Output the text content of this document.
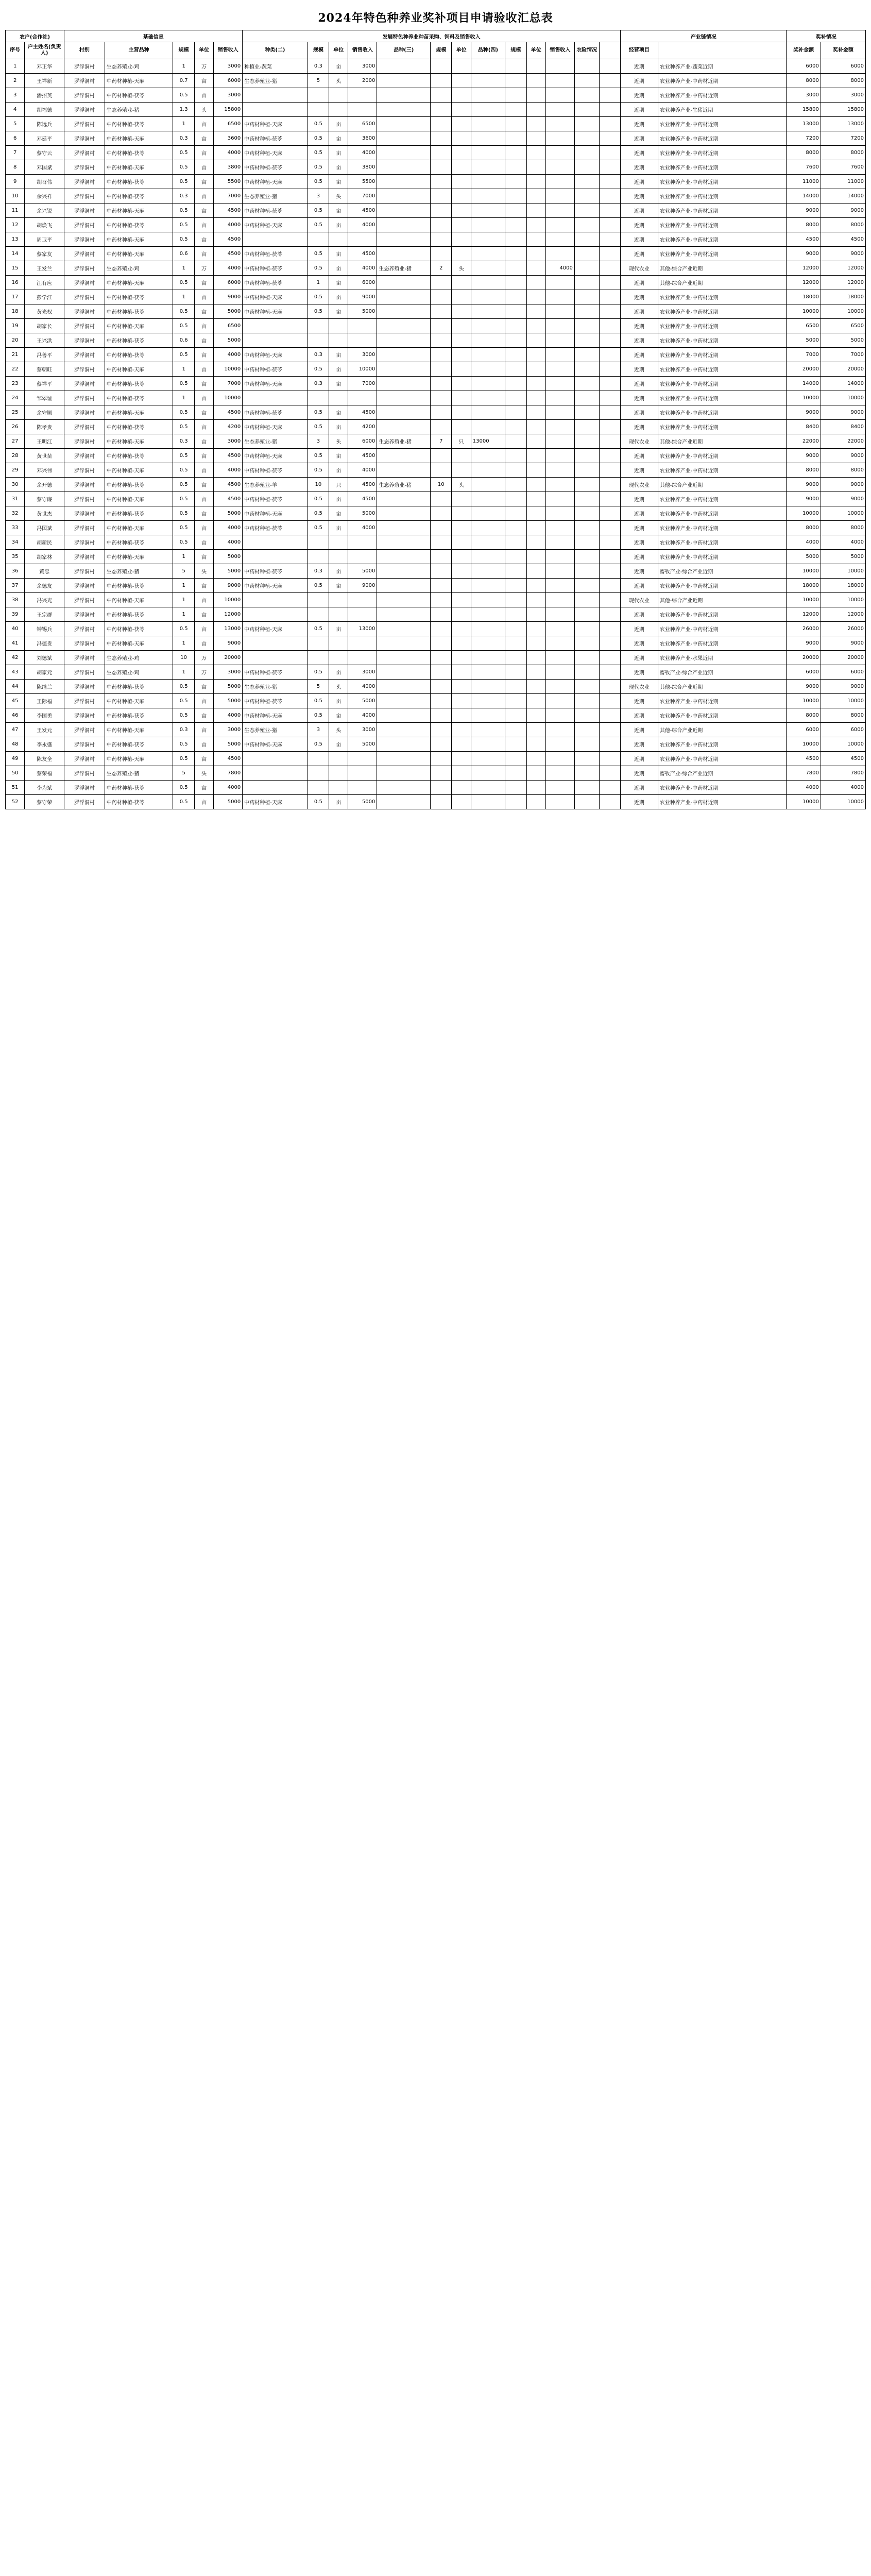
2024年特色种养业奖补项目申请验收汇总表
农户(合作社)		基础信息					发展特色种养业种苗采购、饲料及销售收入													产业链情况		奖补情况	
序号	户主姓名(负责人)	村别	主营品种	规模	单位	销售收入	种类(二)	规模	单位	销售收入	品种(三)	规模	单位	品种(四)	规模	单位	销售收入	农险情况		经营项目		奖补金额	奖补金额
1	邓正华	罗浮洞村	生态养殖业-鸡	1	万	3000	种植业-蔬菜	0.3	亩	3000										近期	农业种养产业-蔬菜近期	6000	6000
2	王祥新	罗浮洞村	中药材种植-天麻	0.7	亩	6000	生态养殖业-猪	5	头	2000										近期	农业种养产业-中药材近期	8000	8000
3	潘招英	罗浮洞村	中药材种植-茯苓	0.5	亩	3000														近期	农业种养产业-中药材近期	3000	3000
4	胡福德	罗浮洞村	生态养殖业-猪	1.3	头	15800														近期	农业种养产业-生猪近期	15800	15800
5	陈远兵	罗浮洞村	中药材种植-茯苓	1	亩	6500	中药材种植-天麻	0.5	亩	6500										近期	农业种养产业-中药材近期	13000	13000
6	邓延平	罗浮洞村	中药材种植-天麻	0.3	亩	3600	中药材种植-茯苓	0.5	亩	3600										近期	农业种养产业-中药材近期	7200	7200
7	蔡守云	罗浮洞村	中药材种植-茯苓	0.5	亩	4000	中药材种植-天麻	0.5	亩	4000										近期	农业种养产业-中药材近期	8000	8000
8	邓国斌	罗浮洞村	中药材种植-天麻	0.5	亩	3800	中药材种植-茯苓	0.5	亩	3800										近期	农业种养产业-中药材近期	7600	7600
9	胡召伟	罗浮洞村	中药材种植-茯苓	0.5	亩	5500	中药材种植-天麻	0.5	亩	5500										近期	农业种养产业-中药材近期	11000	11000
10	余兴祥	罗浮洞村	中药材种植-茯苓	0.3	亩	7000	生态养殖业-猪	3	头	7000										近期	农业种养产业-中药材近期	14000	14000
11	余兴锐	罗浮洞村	中药材种植-天麻	0.5	亩	4500	中药材种植-茯苓	0.5	亩	4500										近期	农业种养产业-中药材近期	9000	9000
12	胡焕飞	罗浮洞村	中药材种植-茯苓	0.5	亩	4000	中药材种植-天麻	0.5	亩	4000										近期	农业种养产业-中药材近期	8000	8000
13	周卫平	罗浮洞村	中药材种植-天麻	0.5	亩	4500														近期	农业种养产业-中药材近期	4500	4500
14	蔡家友	罗浮洞村	中药材种植-天麻	0.6	亩	4500	中药材种植-茯苓	0.5	亩	4500										近期	农业种养产业-中药材近期	9000	9000
15	王发兰	罗浮洞村	生态养殖业-鸡	1	万	4000	中药材种植-茯苓	0.5	亩	4000	生态养殖业-猪	2	头				4000			现代农业	其他-综合产业近期	12000	12000
16	汪有应	罗浮洞村	中药材种植-天麻	0.5	亩	6000	中药材种植-茯苓	1	亩	6000										近期	其他-综合产业近期	12000	12000
17	彭学江	罗浮洞村	中药材种植-茯苓	1	亩	9000	中药材种植-天麻	0.5	亩	9000										近期	农业种养产业-中药材近期	18000	18000
18	黄光权	罗浮洞村	中药材种植-茯苓	0.5	亩	5000	中药材种植-天麻	0.5	亩	5000										近期	农业种养产业-中药材近期	10000	10000
19	胡家长	罗浮洞村	中药材种植-天麻	0.5	亩	6500														近期	农业种养产业-中药材近期	6500	6500
20	王兴洪	罗浮洞村	中药材种植-茯苓	0.6	亩	5000														近期	农业种养产业-中药材近期	5000	5000
21	冯善平	罗浮洞村	中药材种植-茯苓	0.5	亩	4000	中药材种植-天麻	0.3	亩	3000										近期	农业种养产业-中药材近期	7000	7000
22	蔡朝旺	罗浮洞村	中药材种植-天麻	1	亩	10000	中药材种植-茯苓	0.5	亩	10000										近期	农业种养产业-中药材近期	20000	20000
23	蔡祥平	罗浮洞村	中药材种植-茯苓	0.5	亩	7000	中药材种植-天麻	0.3	亩	7000										近期	农业种养产业-中药材近期	14000	14000
24	邹翠谊	罗浮洞村	中药材种植-茯苓	1	亩	10000														近期	农业种养产业-中药材近期	10000	10000
25	余守顺	罗浮洞村	中药材种植-天麻	0.5	亩	4500	中药材种植-茯苓	0.5	亩	4500										近期	农业种养产业-中药材近期	9000	9000
26	陈孝贵	罗浮洞村	中药材种植-茯苓	0.5	亩	4200	中药材种植-天麻	0.5	亩	4200										近期	农业种养产业-中药材近期	8400	8400
27	王明江	罗浮洞村	中药材种植-天麻	0.3	亩	3000	生态养殖业-猪	3	头	6000	生态养殖业-猪	7	只	13000						现代农业	其他-综合产业近期	22000	22000
28	黄世苗	罗浮洞村	中药材种植-茯苓	0.5	亩	4500	中药材种植-天麻	0.5	亩	4500										近期	农业种养产业-中药材近期	9000	9000
29	邓兴伟	罗浮洞村	中药材种植-天麻	0.5	亩	4000	中药材种植-茯苓	0.5	亩	4000										近期	农业种养产业-中药材近期	8000	8000
30	余开德	罗浮洞村	中药材种植-茯苓	0.5	亩	4500	生态养殖业-羊	10	只	4500	生态养殖业-猪	10	头							现代农业	其他-综合产业近期	9000	9000
31	蔡守廉	罗浮洞村	中药材种植-天麻	0.5	亩	4500	中药材种植-茯苓	0.5	亩	4500										近期	农业种养产业-中药材近期	9000	9000
32	黄世杰	罗浮洞村	中药材种植-茯苓	0.5	亩	5000	中药材种植-天麻	0.5	亩	5000										近期	农业种养产业-中药材近期	10000	10000
33	冯国斌	罗浮洞村	中药材种植-天麻	0.5	亩	4000	中药材种植-茯苓	0.5	亩	4000										近期	农业种养产业-中药材近期	8000	8000
34	胡新民	罗浮洞村	中药材种植-茯苓	0.5	亩	4000														近期	农业种养产业-中药材近期	4000	4000
35	胡家林	罗浮洞村	中药材种植-天麻	1	亩	5000														近期	农业种养产业-中药材近期	5000	5000
36	黄忠	罗浮洞村	生态养殖业-猪	5	头	5000	中药材种植-茯苓	0.3	亩	5000										近期	畜牧产业-综合产业近期	10000	10000
37	余德友	罗浮洞村	中药材种植-茯苓	1	亩	9000	中药材种植-天麻	0.5	亩	9000										近期	农业种养产业-中药材近期	18000	18000
38	冯兴光	罗浮洞村	中药材种植-天麻	1	亩	10000														现代农业	其他-综合产业近期	10000	10000
39	王宗群	罗浮洞村	中药材种植-茯苓	1	亩	12000														近期	农业种养产业-中药材近期	12000	12000
40	钟锡兵	罗浮洞村	中药材种植-茯苓	0.5	亩	13000	中药材种植-天麻	0.5	亩	13000										近期	农业种养产业-中药材近期	26000	26000
41	冯德贵	罗浮洞村	中药材种植-天麻	1	亩	9000														近期	农业种养产业-中药材近期	9000	9000
42	刘德斌	罗浮洞村	生态养殖业-鸡	10	万	20000														近期	农业种养产业-水果近期	20000	20000
43	胡家元	罗浮洞村	生态养殖业-鸡	1	万	3000	中药材种植-茯苓	0.5	亩	3000										近期	畜牧产业-综合产业近期	6000	6000
44	陈继兰	罗浮洞村	中药材种植-茯苓	0.5	亩	5000	生态养殖业-猪	5	头	4000										现代农业	其他-综合产业近期	9000	9000
45	王际福	罗浮洞村	中药材种植-天麻	0.5	亩	5000	中药材种植-茯苓	0.5	亩	5000										近期	农业种养产业-中药材近期	10000	10000
46	李国勇	罗浮洞村	中药材种植-茯苓	0.5	亩	4000	中药材种植-天麻	0.5	亩	4000										近期	农业种养产业-中药材近期	8000	8000
47	王发元	罗浮洞村	中药材种植-天麻	0.3	亩	3000	生态养殖业-猪	3	头	3000										近期	其他-综合产业近期	6000	6000
48	李永盛	罗浮洞村	中药材种植-茯苓	0.5	亩	5000	中药材种植-天麻	0.5	亩	5000										近期	农业种养产业-中药材近期	10000	10000
49	陈友全	罗浮洞村	中药材种植-天麻	0.5	亩	4500														近期	农业种养产业-中药材近期	4500	4500
50	蔡荣福	罗浮洞村	生态养殖业-猪	5	头	7800														近期	畜牧产业-综合产业近期	7800	7800
51	李为斌	罗浮洞村	中药材种植-茯苓	0.5	亩	4000														近期	农业种养产业-中药材近期	4000	4000
52	蔡守荣	罗浮洞村	中药材种植-茯苓	0.5	亩	5000	中药材种植-天麻	0.5	亩	5000										近期	农业种养产业-中药材近期	10000	10000
